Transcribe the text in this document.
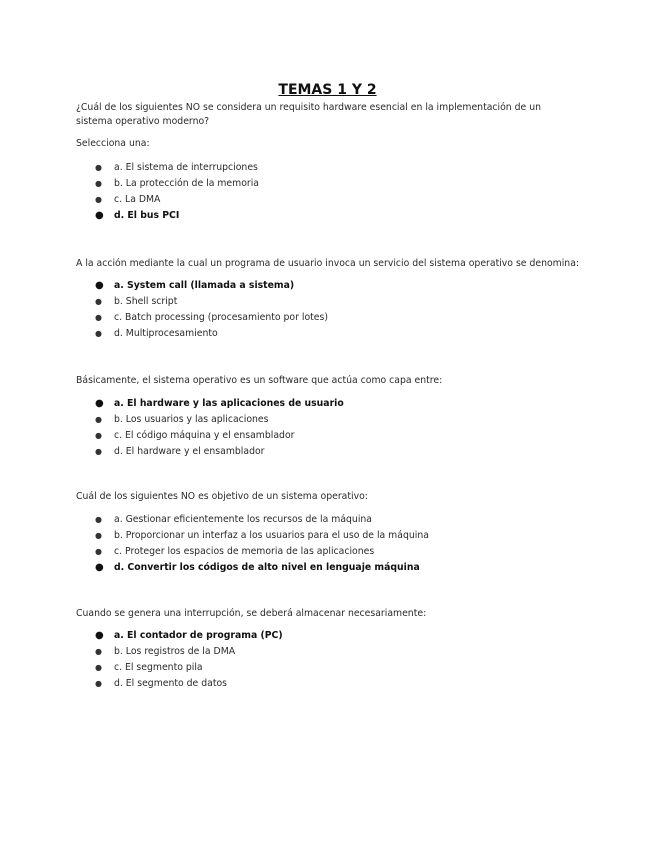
TEMAS 1 Y 2
¿Cuál de los siguientes NO se considera un requisito hardware esencial en la implementación de un sistema operativo moderno?
Selecciona una:
● a. El sistema de interrupciones
● b. La protección de la memoria
● c. La DMA
● d. El bus PCI
A la acción mediante la cual un programa de usuario invoca un servicio del sistema operativo se denomina:
● a. System call (llamada a sistema)
● b. Shell script
● c. Batch processing (procesamiento por lotes)
● d. Multiprocesamiento
Básicamente, el sistema operativo es un software que actúa como capa entre:
● a. El hardware y las aplicaciones de usuario
● b. Los usuarios y las aplicaciones
● c. El código máquina y el ensamblador
● d. El hardware y el ensamblador
Cuál de los siguientes NO es objetivo de un sistema operativo:
● a. Gestionar eficientemente los recursos de la máquina
● b. Proporcionar un interfaz a los usuarios para el uso de la máquina
● c. Proteger los espacios de memoria de las aplicaciones
● d. Convertir los códigos de alto nivel en lenguaje máquina
Cuando se genera una interrupción, se deberá almacenar necesariamente:
● a. El contador de programa (PC)
● b. Los registros de la DMA
● c. El segmento pila
● d. El segmento de datos
